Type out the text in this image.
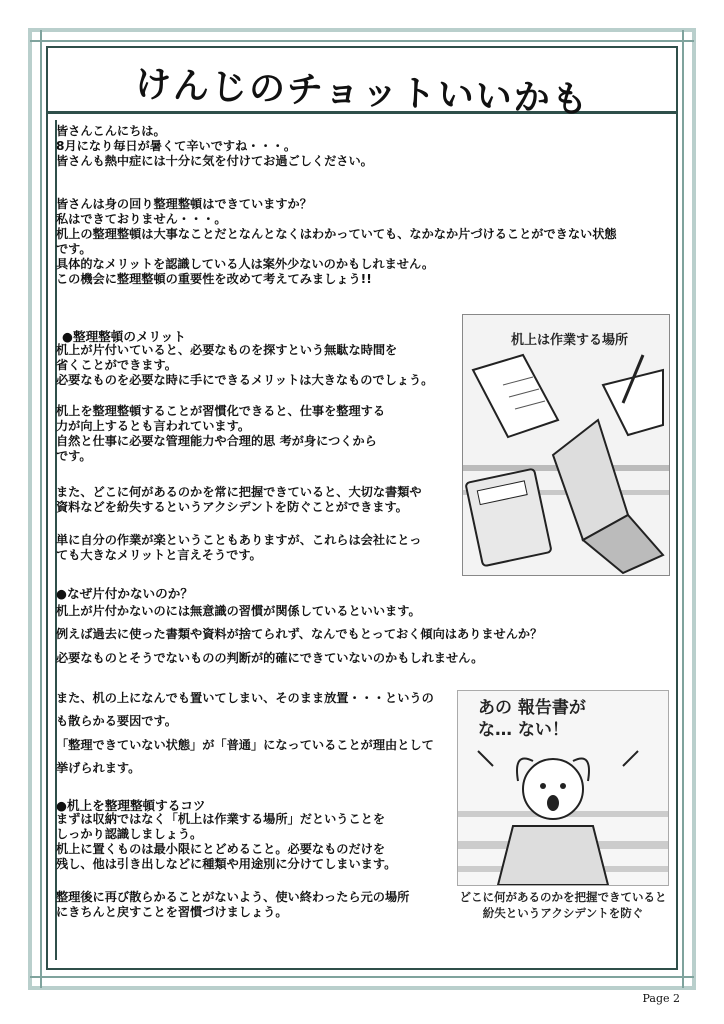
けんじのチョットいいかも
皆さんこんにちは。
8月になり毎日が暑くて辛いですね・・・。
皆さんも熱中症には十分に気を付けてお過ごしください。
皆さんは身の回り整理整頓はできていますか？
私はできておりません・・・。
机上の整理整頓は大事なことだとなんとなくはわかっていても、なかなか片づけることができない状態
です。
具体的なメリットを認識している人は案外少ないのかもしれません。
この機会に整理整頓の重要性を改めて考えてみましょう!!
●整理整頓のメリット
机上が片付いていると、必要なものを探すという無駄な時間を
省くことができます。
必要なものを必要な時に手にできるメリットは大きなものでしょう。
机上を整理整頓することが習慣化できると、仕事を整理する
力が向上するとも言われています。
自然と仕事に必要な管理能力や合理的思 考が身につくから
です。
また、どこに何があるのかを常に把握できていると、大切な書類や
資料などを紛失するというアクシデントを防ぐことができます。
単に自分の作業が楽ということもありますが、これらは会社にとっ
ても大きなメリットと言えそうです。
机上は作業する場所
●なぜ片付かないのか？
机上が片付かないのには無意識の習慣が関係しているといいます。
例えば過去に使った書類や資料が捨てられず、なんでもとっておく傾向はありませんか？
必要なものとそうでないものの判断が的確にできていないのかもしれません。
また、机の上になんでも置いてしまい、そのまま放置・・・というの
も散らかる要因です。
「整理できていない状態」が「普通」になっていることが理由として
挙げられます。
●机上を整理整頓するコツ
まずは収納ではなく「机上は作業する場所」だということを
しっかり認識しましょう。
机上に置くものは最小限にとどめること。必要なものだけを
残し、他は引き出しなどに種類や用途別に分けてしまいます。
整理後に再び散らかることがないよう、使い終わったら元の場所
にきちんと戻すことを習慣づけましょう。
あの 報告書が
な… ない！
どこに何があるのかを把握できていると
紛失というアクシデントを防ぐ
Page 2
